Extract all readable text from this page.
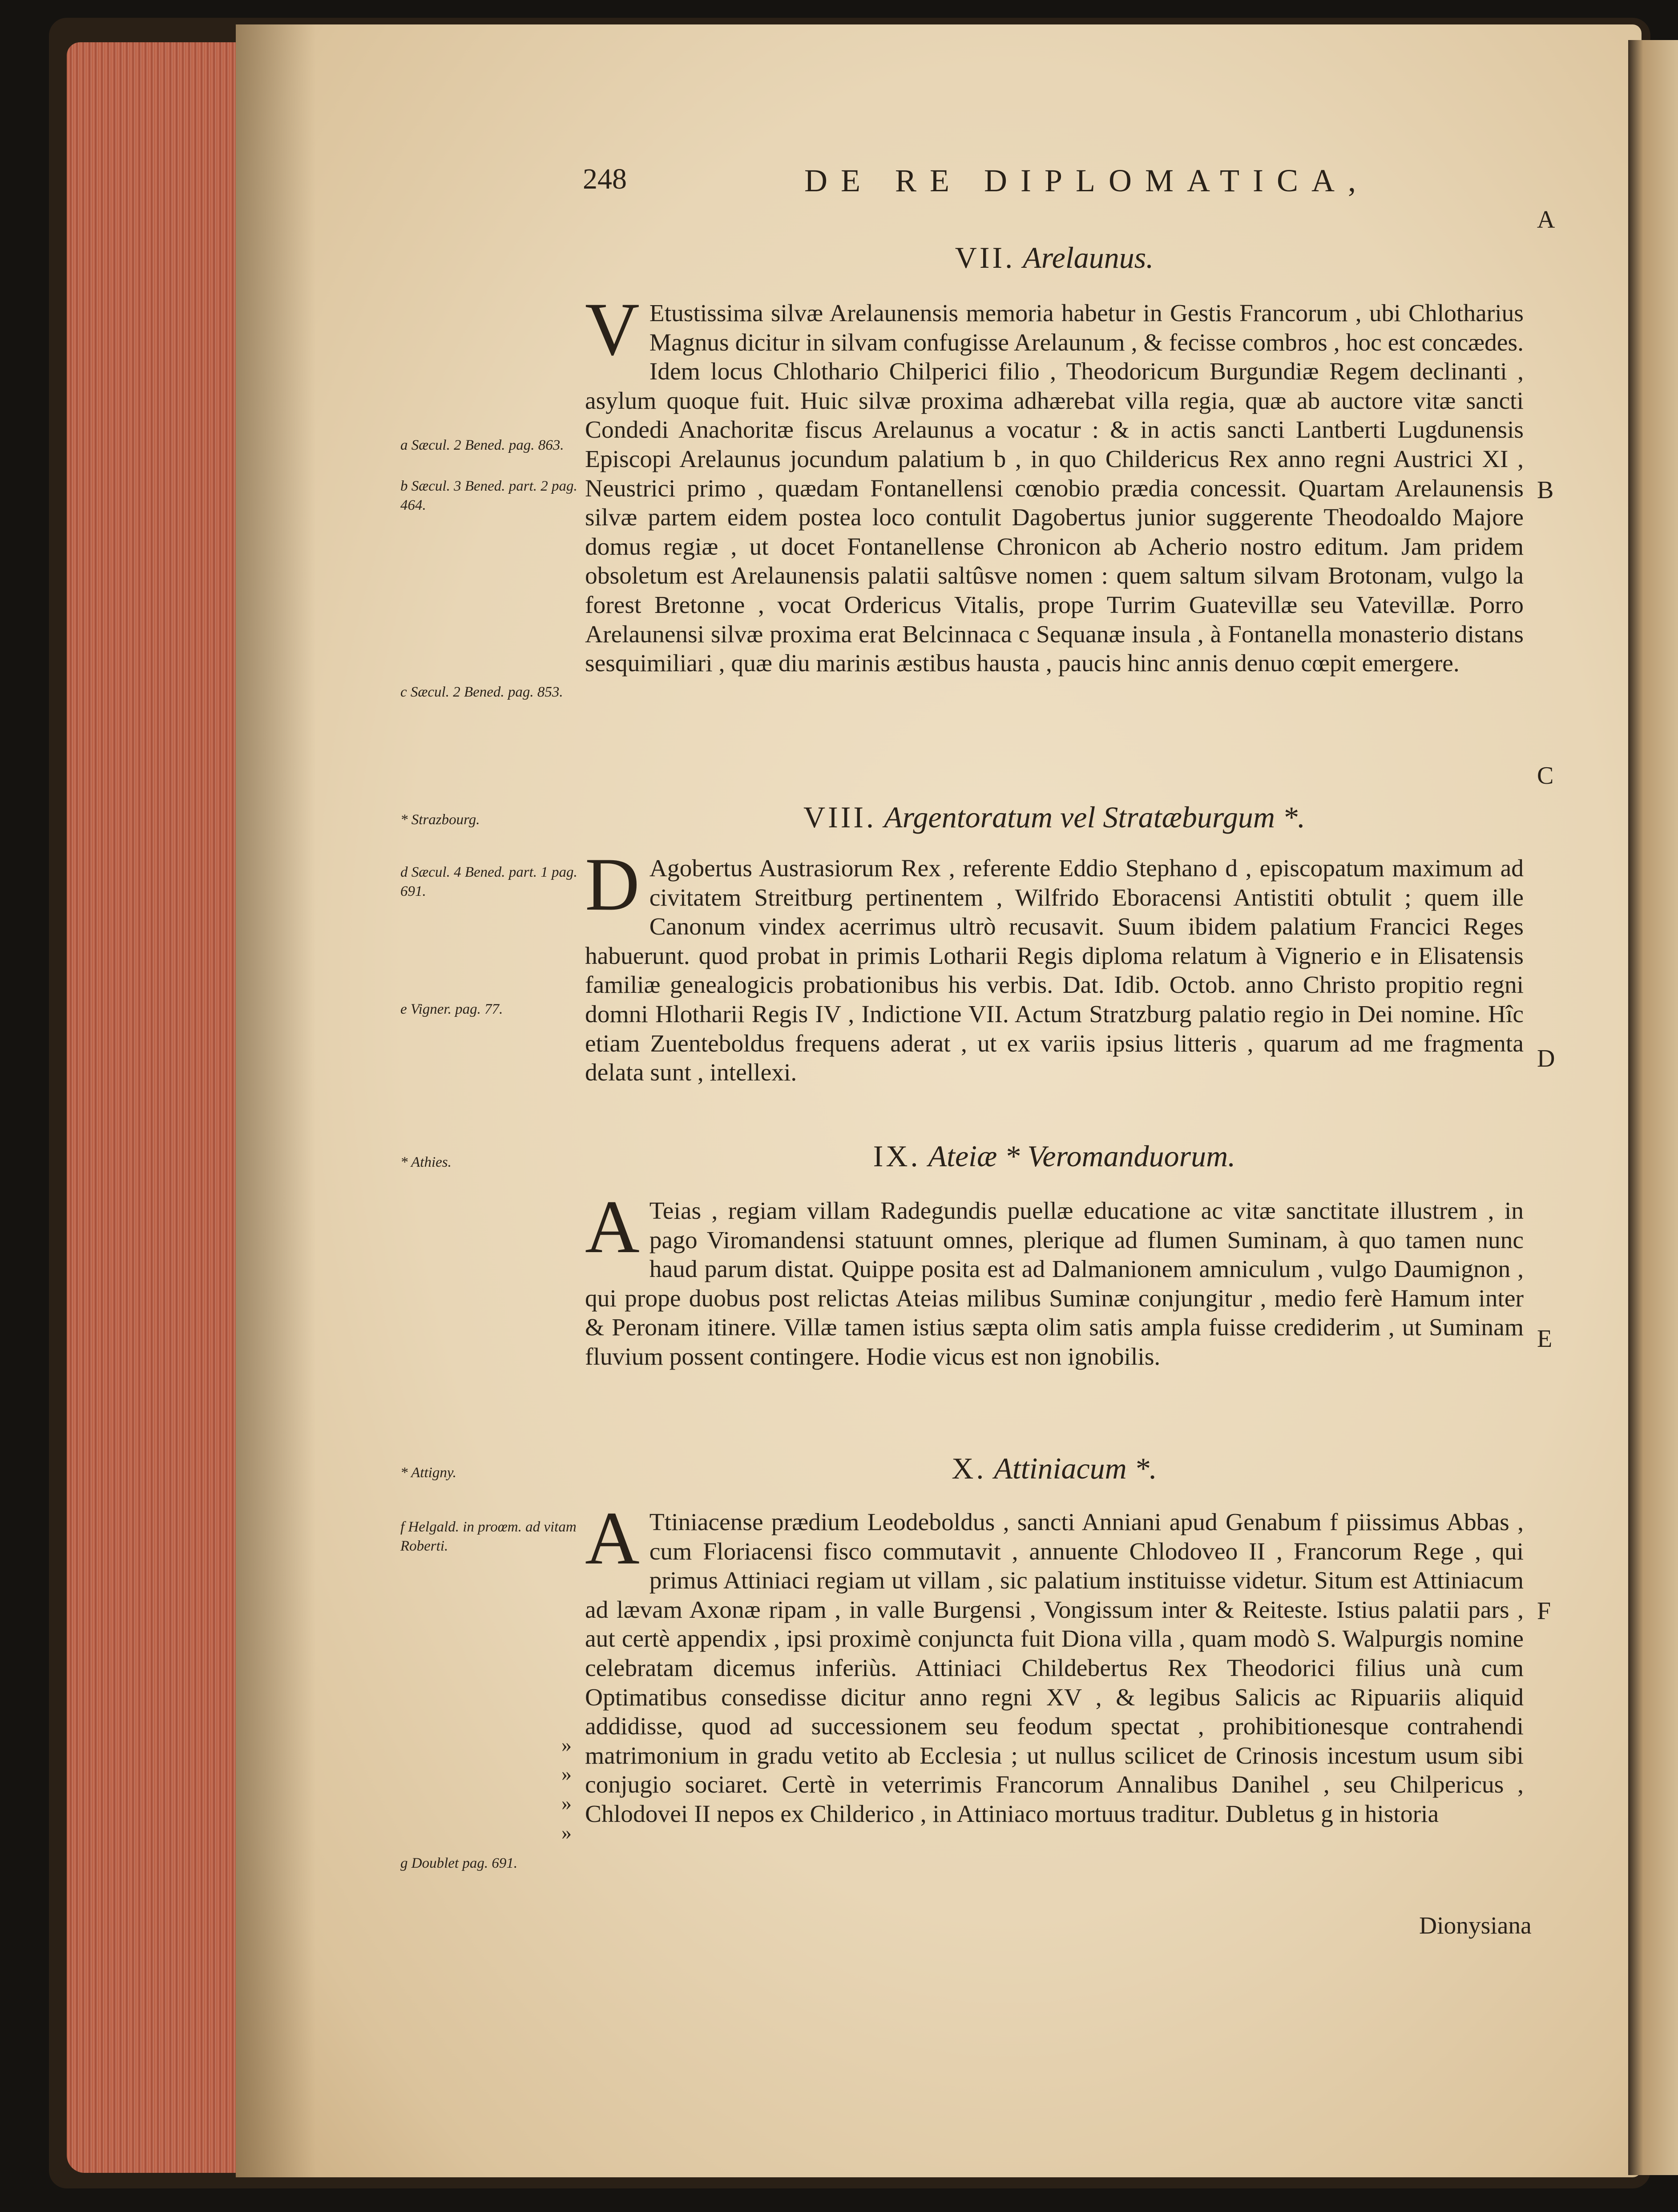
248	DE RE DIPLOMATICA,
A
B
C
D
E
F
VII. Arelaunus.
V Etustissima silvæ Arelaunensis memoria habetur in Gestis Francorum , ubi Chlotharius Magnus dicitur in silvam confugisse Arelaunum , & fecisse combros , hoc est concædes. Idem locus Chlothario Chilperici filio , Theodoricum Burgundiæ Regem declinanti , asylum quoque fuit. Huic silvæ proxima adhærebat villa regia, quæ ab auctore vitæ sancti Condedi Anachoritæ fiscus Arelaunus a vocatur : & in actis sancti Lantberti Lugdunensis Episcopi Arelaunus jocundum palatium b , in quo Childericus Rex anno regni Austrici XI , Neustrici primo , quædam Fontanellensi cœnobio prædia concessit. Quartam Arelaunensis silvæ partem eidem postea loco contulit Dagobertus junior suggerente Theodoaldo Majore domus regiæ , ut docet Fontanellense Chronicon ab Acherio nostro editum. Jam pridem obsoletum est Arelaunensis palatii saltûsve nomen : quem saltum silvam Brotonam, vulgo la forest Bretonne , vocat Ordericus Vitalis, prope Turrim Guatevillæ seu Vatevillæ. Porro Arelaunensi silvæ proxima erat Belcinnaca c Sequanæ insula , à Fontanella monasterio distans sesquimiliari , quæ diu marinis æstibus hausta , paucis hinc annis denuo cœpit emergere.
VIII. Argentoratum vel Stratæburgum *.
D Agobertus Austrasiorum Rex , referente Eddio Stephano d , episcopatum maximum ad civitatem Streitburg pertinentem , Wilfrido Eboracensi Antistiti obtulit ; quem ille Canonum vindex acerrimus ultrò recusavit. Suum ibidem palatium Francici Reges habuerunt. quod probat in primis Lotharii Regis diploma relatum à Vignerio e in Elisatensis familiæ genealogicis probationibus his verbis. Dat. Idib. Octob. anno Christo propitio regni domni Hlotharii Regis IV , Indictione VII. Actum Stratzburg palatio regio in Dei nomine. Hîc etiam Zuenteboldus frequens aderat , ut ex variis ipsius litteris , quarum ad me fragmenta delata sunt , intellexi.
IX. Ateiæ * Veromanduorum.
A Teias , regiam villam Radegundis puellæ educatione ac vitæ sanctitate illustrem , in pago Viromandensi statuunt omnes, plerique ad flumen Suminam, à quo tamen nunc haud parum distat. Quippe posita est ad Dalmanionem amniculum , vulgo Daumignon , qui prope duobus post relictas Ateias milibus Suminæ conjungitur , medio ferè Hamum inter & Peronam itinere. Villæ tamen istius sæpta olim satis ampla fuisse crediderim , ut Suminam fluvium possent contingere. Hodie vicus est non ignobilis.
X. Attiniacum *.
A Ttiniacense prædium Leodeboldus , sancti Anniani apud Genabum f piissimus Abbas , cum Floriacensi fisco commutavit , annuente Chlodoveo II , Francorum Rege , qui primus Attiniaci regiam ut villam , sic palatium instituisse videtur. Situm est Attiniacum ad lævam Axonæ ripam , in valle Burgensi , Vongissum inter & Reiteste. Istius palatii pars , aut certè appendix , ipsi proximè conjuncta fuit Diona villa , quam modò S. Walpurgis nomine celebratam dicemus inferiùs. Attiniaci Childebertus Rex Theodorici filius unà cum Optimatibus consedisse dicitur anno regni XV , & legibus Salicis ac Ripuariis aliquid addidisse, quod ad successionem seu feodum spectat , prohibitionesque contrahendi matrimonium in gradu vetito ab Ecclesia ; ut nullus scilicet de Crinosis incestum usum sibi conjugio sociaret. Certè in veterrimis Francorum Annalibus Danihel , seu Chilpericus , Chlodovei II nepos ex Childerico , in Attiniaco mortuus traditur. Dubletus g in historia
a Sæcul. 2 Bened. pag. 863.
b Sæcul. 3 Bened. part. 2 pag. 464.
c Sæcul. 2 Bened. pag. 853.
* Strazbourg.
d Sæcul. 4 Bened. part. 1 pag. 691.
e Vigner. pag. 77.
* Athies.
* Attigny.
f Helgald. in proœm. ad vitam Roberti.
g Doublet pag. 691.
»
»
»
»
Dionysiana
